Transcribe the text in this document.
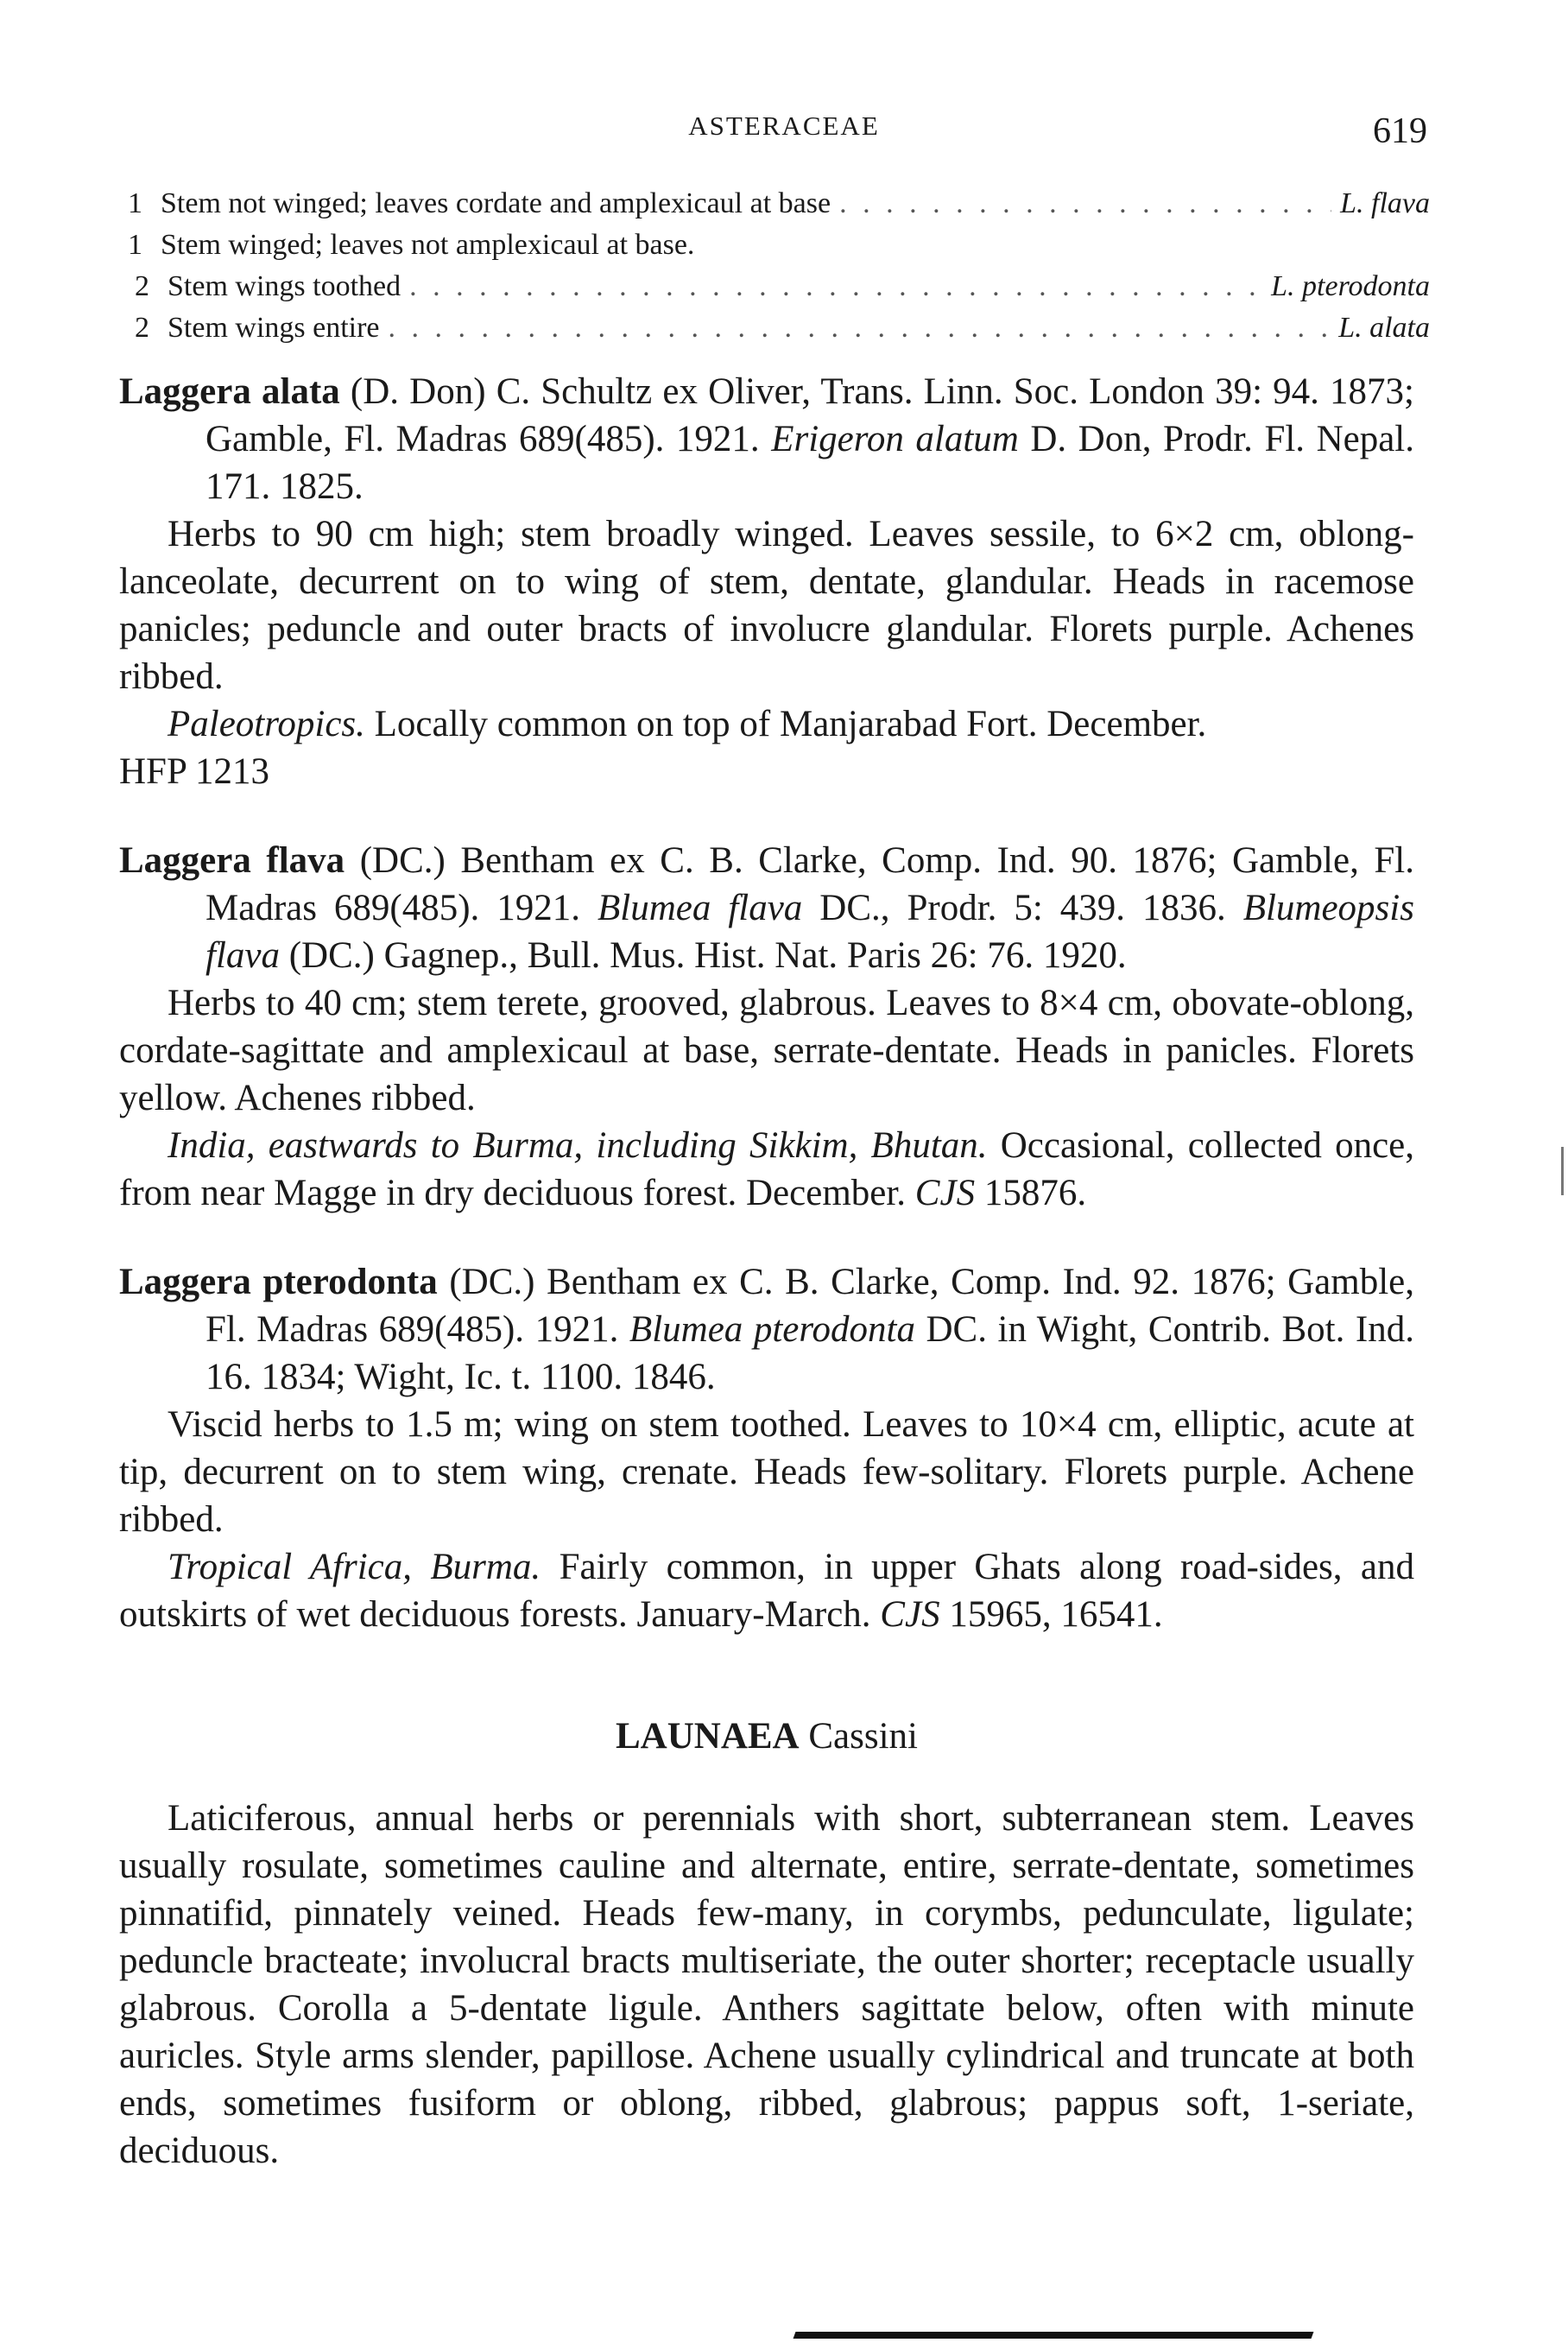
ASTERACEAE	619
1 Stem not winged; leaves cordate and amplexicaul at base . . .	L. flava
1 Stem winged; leaves not amplexicaul at base.
2 Stem wings toothed . . .	L. pterodonta
2 Stem wings entire . . .	L. alata

Laggera alata (D. Don) C. Schultz ex Oliver, Trans. Linn. Soc. London 39: 94. 1873; Gamble, Fl. Madras 689(485). 1921. Erigeron alatum D. Don, Prodr. Fl. Nepal. 171. 1825.

Herbs to 90 cm high; stem broadly winged. Leaves sessile, to 6×2 cm, oblong-lanceolate, decurrent on to wing of stem, dentate, glandular. Heads in racemose panicles; peduncle and outer bracts of involucre glandular. Florets purple. Achenes ribbed.

Paleotropics. Locally common on top of Manjarabad Fort. December.

HFP 1213

Laggera flava (DC.) Bentham ex C. B. Clarke, Comp. Ind. 90. 1876; Gamble, Fl. Madras 689(485). 1921. Blumea flava DC., Prodr. 5: 439. 1836. Blumeopsis flava (DC.) Gagnep., Bull. Mus. Hist. Nat. Paris 26: 76. 1920.

Herbs to 40 cm; stem terete, grooved, glabrous. Leaves to 8×4 cm, obovate-oblong, cordate-sagittate and amplexicaul at base, serrate-dentate. Heads in panicles. Florets yellow. Achenes ribbed.

India, eastwards to Burma, including Sikkim, Bhutan. Occasional, collected once, from near Magge in dry deciduous forest. December. CJS 15876.

Laggera pterodonta (DC.) Bentham ex C. B. Clarke, Comp. Ind. 92. 1876; Gamble, Fl. Madras 689(485). 1921. Blumea pterodonta DC. in Wight, Contrib. Bot. Ind. 16. 1834; Wight, Ic. t. 1100. 1846.

Viscid herbs to 1.5 m; wing on stem toothed. Leaves to 10×4 cm, elliptic, acute at tip, decurrent on to stem wing, crenate. Heads few-solitary. Florets purple. Achene ribbed.

Tropical Africa, Burma. Fairly common, in upper Ghats along road-sides, and outskirts of wet deciduous forests. January-March. CJS 15965, 16541.

LAUNAEA Cassini

Laticiferous, annual herbs or perennials with short, subterranean stem. Leaves usually rosulate, sometimes cauline and alternate, entire, serrate-dentate, sometimes pinnatifid, pinnately veined. Heads few-many, in corymbs, pedunculate, ligulate; peduncle bracteate; involucral bracts multiseriate, the outer shorter; receptacle usually glabrous. Corolla a 5-dentate ligule. Anthers sagittate below, often with minute auricles. Style arms slender, papillose. Achene usually cylindrical and truncate at both ends, sometimes fusiform or oblong, ribbed, glabrous; pappus soft, 1-seriate, deciduous.
